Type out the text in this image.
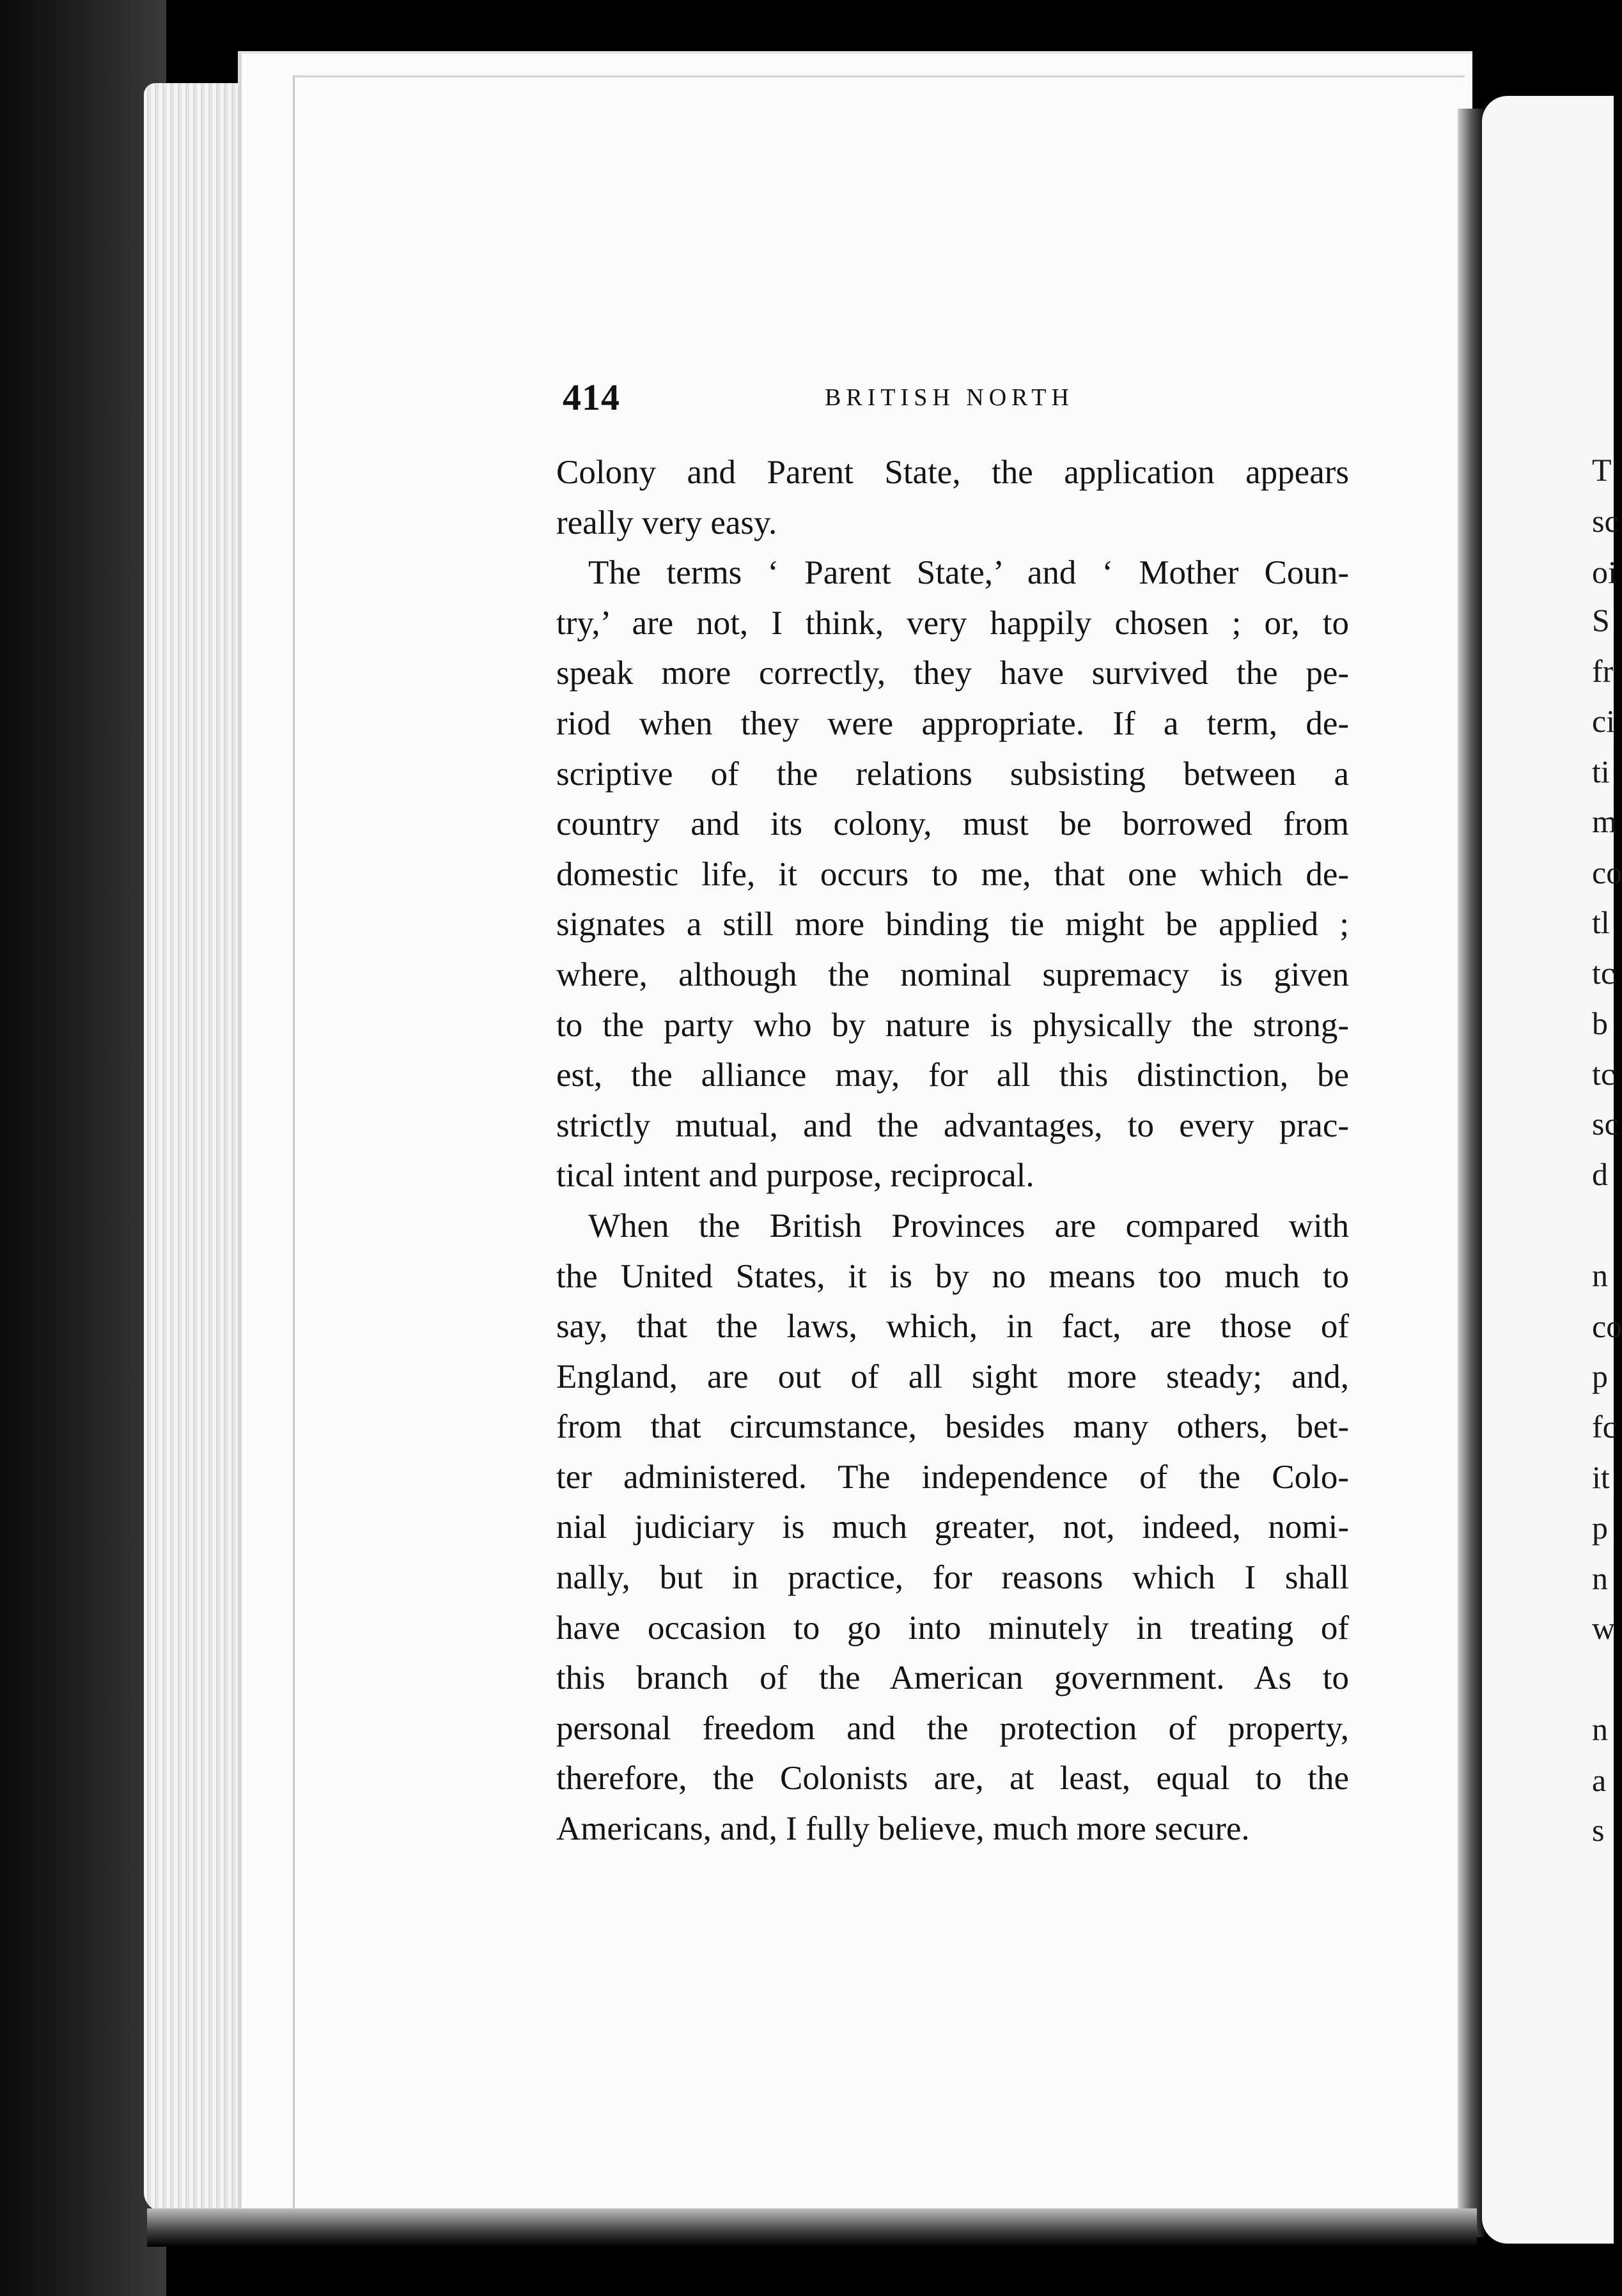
414	BRITISH NORTH

Colony and Parent State, the application appears
really very easy.

The terms ‘ Parent State,’ and ‘ Mother Coun-
try,’ are not, I think, very happily chosen ; or, to
speak more correctly, they have survived the pe-
riod when they were appropriate. If a term, de-
scriptive of the relations subsisting between a
country and its colony, must be borrowed from
domestic life, it occurs to me, that one which de-
signates a still more binding tie might be applied ;
where, although the nominal supremacy is given
to the party who by nature is physically the strong-
est, the alliance may, for all this distinction, be
strictly mutual, and the advantages, to every prac-
tical intent and purpose, reciprocal.

When the British Provinces are compared with
the United States, it is by no means too much to
say, that the laws, which, in fact, are those of
England, are out of all sight more steady; and,
from that circumstance, besides many others, bet-
ter administered. The independence of the Colo-
nial judiciary is much greater, not, indeed, nomi-
nally, but in practice, for reasons which I shall
have occasion to go into minutely in treating of
this branch of the American government. As to
personal freedom and the protection of property,
therefore, the Colonists are, at least, equal to the
Americans, and, I fully believe, much more secure.

T
sc
oi
S
fr
ci
ti
m
co
tl
tc
b
tc
sc
d
n
co
p
fc
it
p
n
w
n
a
s
